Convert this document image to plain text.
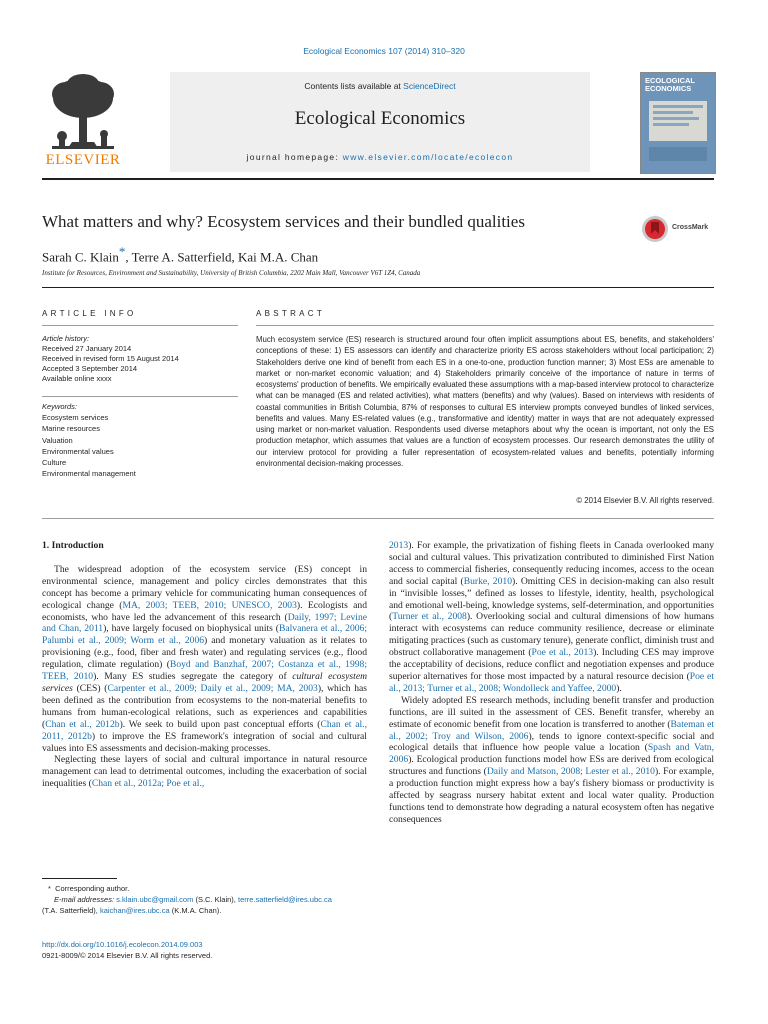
Ecological Economics 107 (2014) 310–320
ELSEVIER
Contents lists available at ScienceDirect
Ecological Economics
journal homepage: www.elsevier.com/locate/ecolecon
ECOLOGICAL ECONOMICS
What matters and why? Ecosystem services and their bundled qualities	CrossMark
Sarah C. Klain*, Terre A. Satterfield, Kai M.A. Chan
Institute for Resources, Environment and Sustainability, University of British Columbia, 2202 Main Mall, Vancouver V6T 1Z4, Canada
ARTICLE INFO	ABSTRACT
Article history:
Received 27 January 2014
Received in revised form 15 August 2014
Accepted 3 September 2014
Available online xxxx
Keywords:
Ecosystem services
Marine resources
Valuation
Environmental values
Culture
Environmental management
Much ecosystem service (ES) research is structured around four often implicit assumptions about ES, benefits, and stakeholders' conceptions of these: 1) ES assessors can identify and characterize priority ES across stakeholders without local participation; 2) Stakeholders derive one kind of benefit from each ES in a one-to-one, production function manner; 3) Most ESs are amenable to market or non-market economic valuation; and 4) Stakeholders primarily conceive of the importance of nature in terms of ecosystems' production of benefits. We empirically evaluated these assumptions with a map-based interview protocol to characterize what can be managed (ES and related activities), what matters (benefits) and why (values). Based on interviews with residents of coastal communities in British Columbia, 87% of responses to cultural ES interview prompts conveyed bundles of linked services, benefits and values. Many ES-related values (e.g., transformative and identity) matter in ways that are not adequately expressed using market or non-market valuation. Respondents used diverse metaphors about why the ocean is important, not only the ES production metaphor, which assumes that values are a function of ecosystem processes. Our research demonstrates the utility of our interview protocol for providing a fuller representation of ecosystem-related values and benefits, potentially informing environmental decision-making processes.
© 2014 Elsevier B.V. All rights reserved.
1. Introduction

The widespread adoption of the ecosystem service (ES) concept in environmental science, management and policy circles demonstrates that this concept has become a primary vehicle for communicating human consequences of ecological change (MA, 2003; TEEB, 2010; UNESCO, 2003). Ecologists and economists, who have led the advancement of this research (Daily, 1997; Levine and Chan, 2011), have largely focused on biophysical units (Balvanera et al., 2006; Palumbi et al., 2009; Worm et al., 2006) and monetary valuation as it relates to provisioning (e.g., food, fiber and fresh water) and regulating services (e.g., flood regulation, climate regulation) (Boyd and Banzhaf, 2007; Costanza et al., 1998; TEEB, 2010). Many ES studies segregate the category of cultural ecosystem services (CES) (Carpenter et al., 2009; Daily et al., 2009; MA, 2003), which has been defined as the contribution from ecosystems to the non-material benefits to humans from human-ecological relations, such as experiences and capabilities (Chan et al., 2012b). We seek to build upon past conceptual efforts (Chan et al., 2011, 2012b) to improve the ES framework's integration of social and cultural values into ES assessments and decision-making processes.

Neglecting these layers of social and cultural importance in natural resource management can lead to detrimental outcomes, including the exacerbation of social inequalities (Chan et al., 2012a; Poe et al.,

2013). For example, the privatization of fishing fleets in Canada overlooked many social and cultural values. This privatization contributed to diminished First Nation access to commercial fisheries, consequently reducing incomes, access to the ocean and social capital (Burke, 2010). Omitting CES in decision-making can also result in “invisible losses,” defined as losses to lifestyle, identity, health, psychological and emotional well-being, knowledge systems, self-determination, and opportunities (Turner et al., 2008). Overlooking social and cultural dimensions of how humans interact with ecosystems can reduce community resilience, decrease or eliminate mitigating practices (such as customary tenure), generate conflict, diminish trust and obstruct collaborative management (Poe et al., 2013). Including CES may improve the acceptability of decisions, reduce conflict and negotiation expenses and produce superior alternatives for those most impacted by a natural resource decision (Poe et al., 2013; Turner et al., 2008; Wondolleck and Yaffee, 2000).

Widely adopted ES research methods, including benefit transfer and production functions, are ill suited in the assessment of CES. Benefit transfer, whereby an estimate of economic benefit from one location is transferred to another (Bateman et al., 2002; Troy and Wilson, 2006), tends to ignore context-specific social and ecological details that influence how people value a location (Spash and Vatn, 2006). Ecological production functions model how ESs are derived from ecological structures and functions (Daily and Matson, 2008; Lester et al., 2010). For example, a production function might express how a bay's fishery biomass or productivity is affected by seagrass nursery habitat extent and local water quality. Production functions tend to demonstrate how degrading a natural ecosystem often has negative consequences

*  Corresponding author.
E-mail addresses: s.klain.ubc@gmail.com (S.C. Klain), terre.satterfield@ires.ubc.ca
(T.A. Satterfield), kaichan@ires.ubc.ca (K.M.A. Chan).
http://dx.doi.org/10.1016/j.ecolecon.2014.09.003
0921-8009/© 2014 Elsevier B.V. All rights reserved.
